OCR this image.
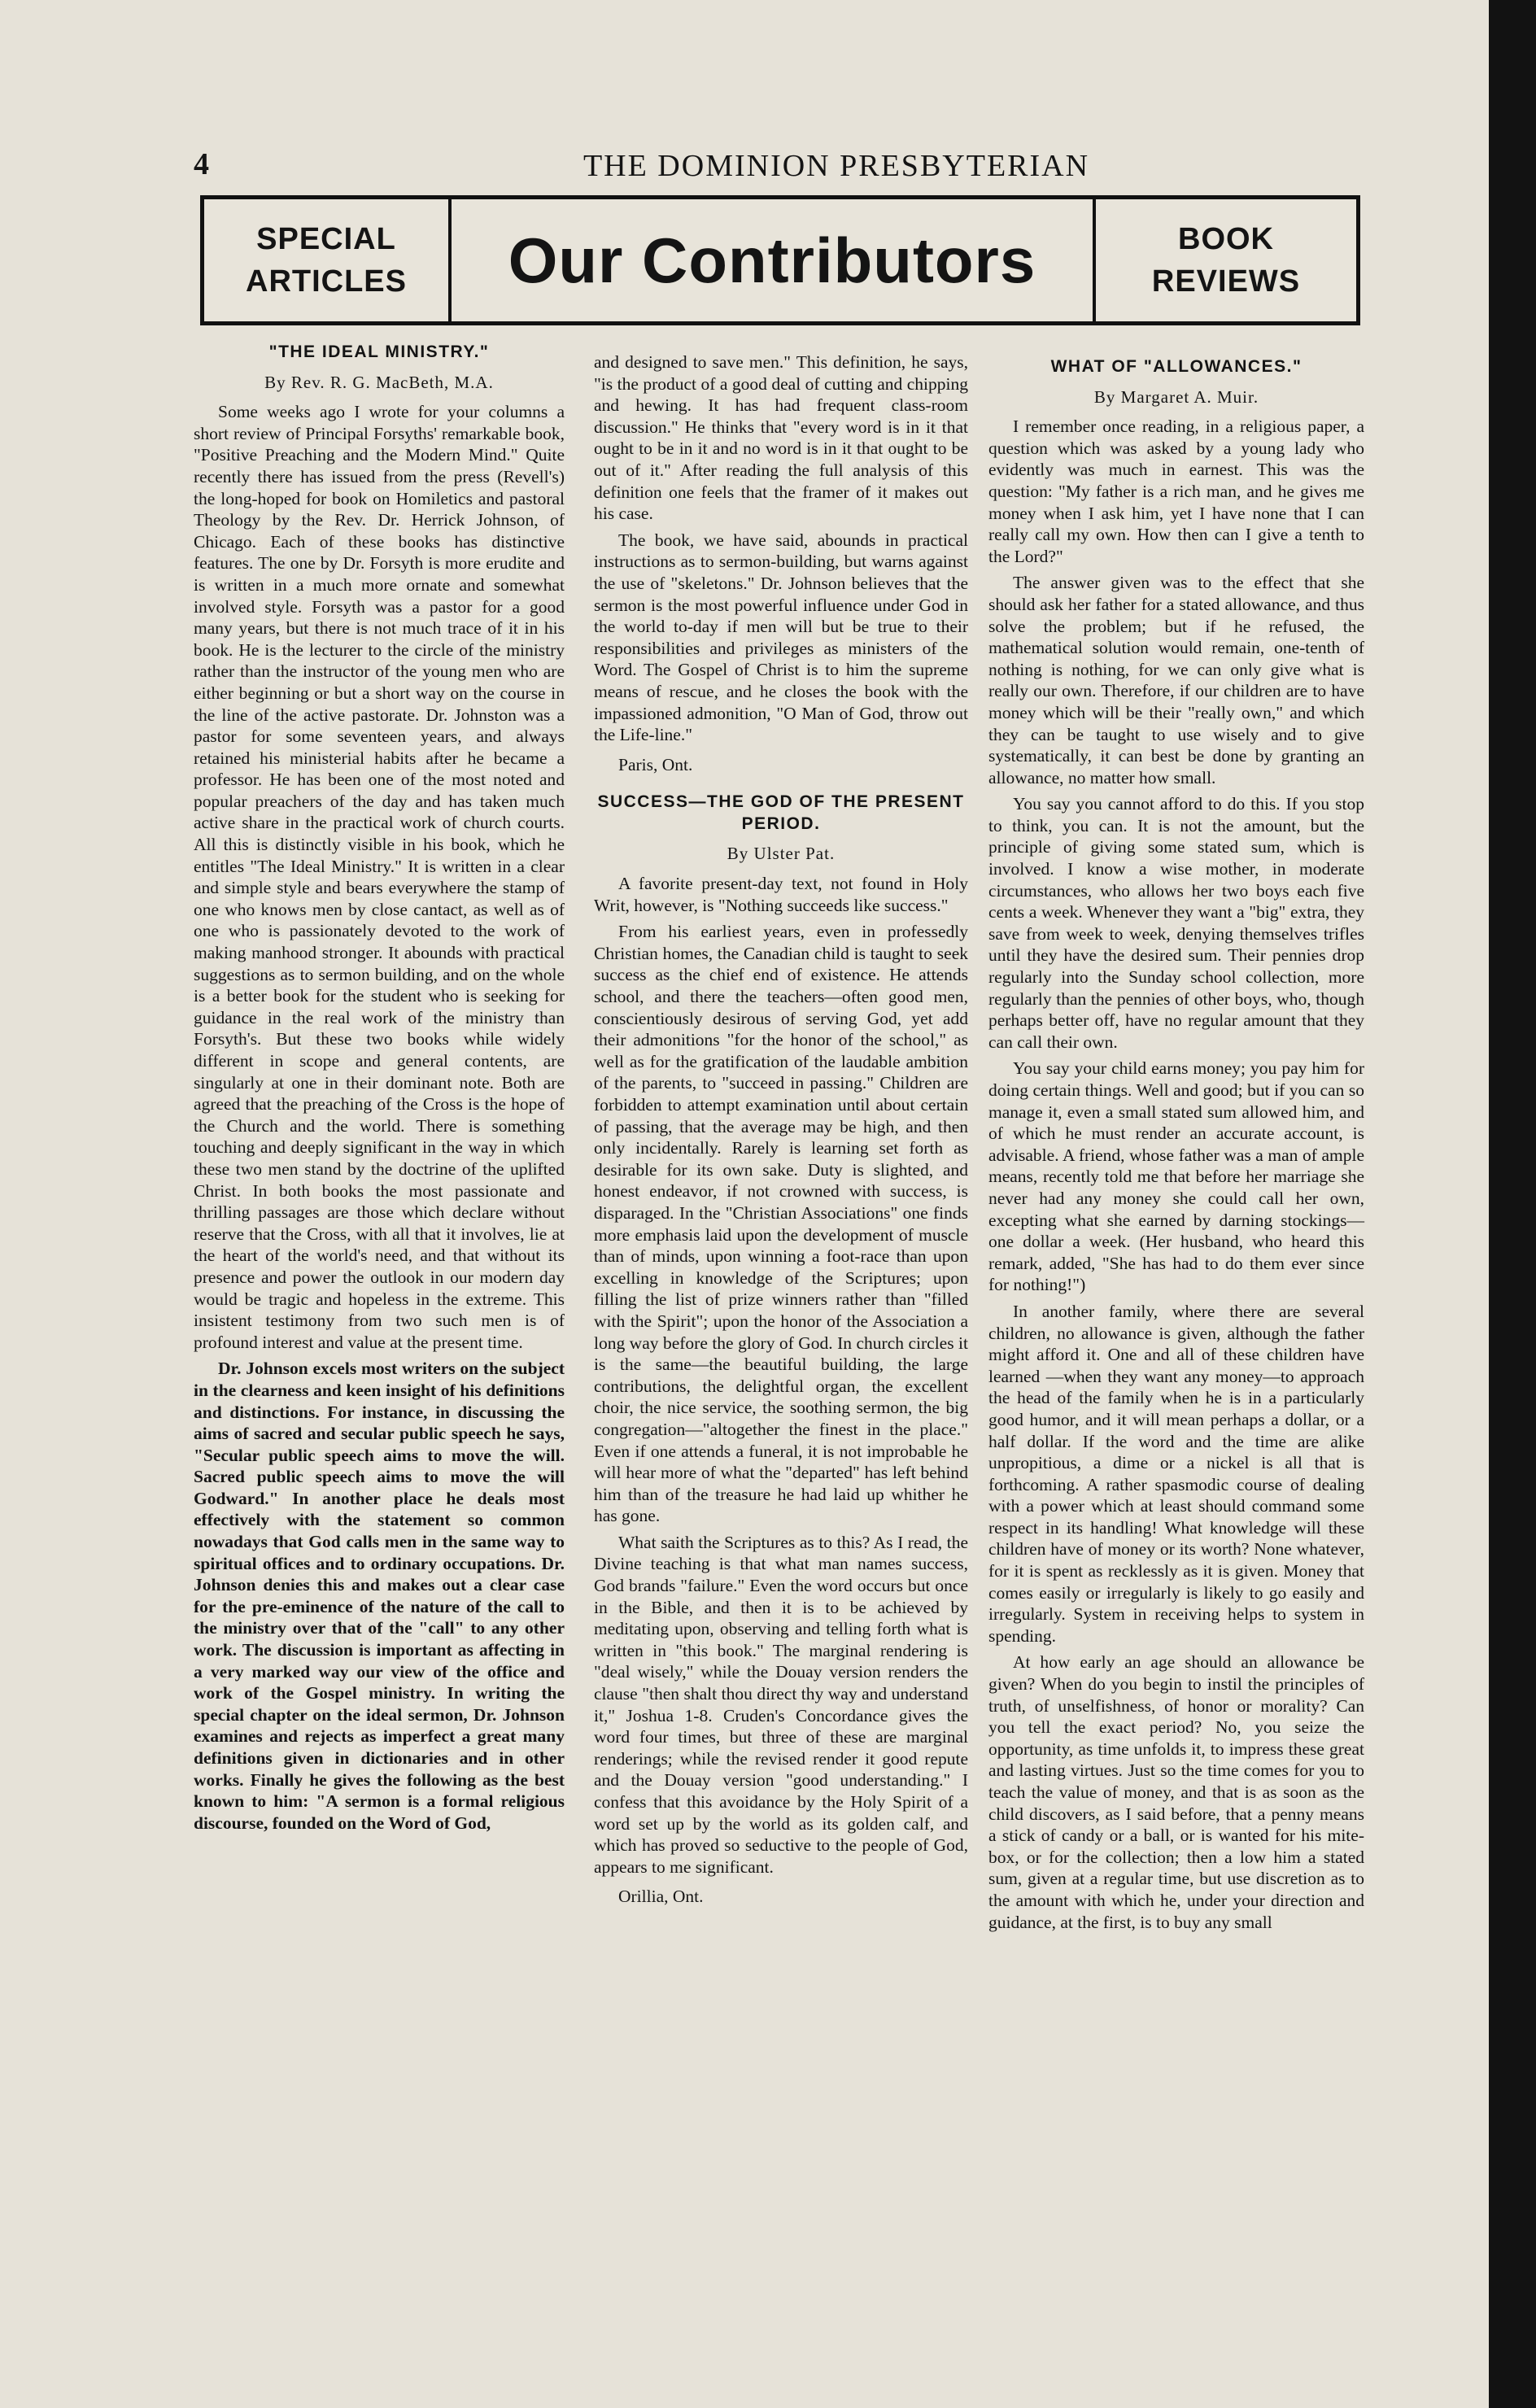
4	THE DOMINION PRESBYTERIAN
SPECIAL
ARTICLES	Our Contributors	BOOK
REVIEWS
"THE IDEAL MINISTRY."
By Rev. R. G. MacBeth, M.A.

Some weeks ago I wrote for your columns a short review of Principal Forsyths' remarkable book, "Positive Preaching and the Modern Mind." Quite recently there has issued from the press (Revell's) the long-hoped for book on Homiletics and pastoral Theology by the Rev. Dr. Herrick Johnson, of Chicago. Each of these books has distinctive features. The one by Dr. Forsyth is more erudite and is written in a much more ornate and somewhat involved style. Forsyth was a pastor for a good many years, but there is not much trace of it in his book. He is the lecturer to the circle of the ministry rather than the instructor of the young men who are either beginning or but a short way on the course in the line of the active pastorate. Dr. Johnston was a pastor for some seventeen years, and always retained his ministerial habits after he became a professor. He has been one of the most noted and popular preachers of the day and has taken much active share in the practical work of church courts. All this is distinctly visible in his book, which he entitles "The Ideal Ministry." It is written in a clear and simple style and bears everywhere the stamp of one who knows men by close cantact, as well as of one who is passionately devoted to the work of making manhood stronger. It abounds with practical suggestions as to sermon building, and on the whole is a better book for the student who is seeking for guidance in the real work of the ministry than Forsyth's. But these two books while widely different in scope and general contents, are singularly at one in their dominant note. Both are agreed that the preaching of the Cross is the hope of the Church and the world. There is something touching and deeply significant in the way in which these two men stand by the doctrine of the uplifted Christ. In both books the most passionate and thrilling passages are those which declare without reserve that the Cross, with all that it involves, lie at the heart of the world's need, and that without its presence and power the outlook in our modern day would be tragic and hopeless in the extreme. This insistent testimony from two such men is of profound interest and value at the present time.

Dr. Johnson excels most writers on the subject in the clearness and keen insight of his definitions and distinctions. For instance, in discussing the aims of sacred and secular public speech he says, "Secular public speech aims to move the will. Sacred public speech aims to move the will Godward." In another place he deals most effectively with the statement so common nowadays that God calls men in the same way to spiritual offices and to ordinary occupations. Dr. Johnson denies this and makes out a clear case for the pre-eminence of the nature of the call to the ministry over that of the "call" to any other work. The discussion is important as affecting in a very marked way our view of the office and work of the Gospel ministry. In writing the special chapter on the ideal sermon, Dr. Johnson examines and rejects as imperfect a great many definitions given in dictionaries and in other works. Finally he gives the following as the best known to him: "A sermon is a formal religious discourse, founded on the Word of God,

and designed to save men." This definition, he says, "is the product of a good deal of cutting and chipping and hewing. It has had frequent class-room discussion." He thinks that "every word is in it that ought to be in it and no word is in it that ought to be out of it." After reading the full analysis of this definition one feels that the framer of it makes out his case.

The book, we have said, abounds in practical instructions as to sermon-building, but warns against the use of "skeletons." Dr. Johnson believes that the sermon is the most powerful influence under God in the world to-day if men will but be true to their responsibilities and privileges as ministers of the Word. The Gospel of Christ is to him the supreme means of rescue, and he closes the book with the impassioned admonition, "O Man of God, throw out the Life-line."

Paris, Ont.
SUCCESS—THE GOD OF THE PRESENT PERIOD.
By Ulster Pat.

A favorite present-day text, not found in Holy Writ, however, is "Nothing succeeds like success."

From his earliest years, even in professedly Christian homes, the Canadian child is taught to seek success as the chief end of existence. He attends school, and there the teachers—often good men, conscientiously desirous of serving God, yet add their admonitions "for the honor of the school," as well as for the gratification of the laudable ambition of the parents, to "succeed in passing." Children are forbidden to attempt examination until about certain of passing, that the average may be high, and then only incidentally. Rarely is learning set forth as desirable for its own sake. Duty is slighted, and honest endeavor, if not crowned with success, is disparaged. In the "Christian Associations" one finds more emphasis laid upon the development of muscle than of minds, upon winning a foot-race than upon excelling in knowledge of the Scriptures; upon filling the list of prize winners rather than "filled with the Spirit"; upon the honor of the Association a long way before the glory of God. In church circles it is the same—the beautiful building, the large contributions, the delightful organ, the excellent choir, the nice service, the soothing sermon, the big congregation—"altogether the finest in the place." Even if one attends a funeral, it is not improbable he will hear more of what the "departed" has left behind him than of the treasure he had laid up whither he has gone.

What saith the Scriptures as to this? As I read, the Divine teaching is that what man names success, God brands "failure." Even the word occurs but once in the Bible, and then it is to be achieved by meditating upon, observing and telling forth what is written in "this book." The marginal rendering is "deal wisely," while the Douay version renders the clause "then shalt thou direct thy way and understand it," Joshua 1-8. Cruden's Concordance gives the word four times, but three of these are marginal renderings; while the revised render it good repute and the Douay version "good understanding." I confess that this avoidance by the Holy Spirit of a word set up by the world as its golden calf, and which has proved so seductive to the people of God, appears to me significant.

Orillia, Ont.
WHAT OF "ALLOWANCES."
By Margaret A. Muir.

I remember once reading, in a religious paper, a question which was asked by a young lady who evidently was much in earnest. This was the question: "My father is a rich man, and he gives me money when I ask him, yet I have none that I can really call my own. How then can I give a tenth to the Lord?"

The answer given was to the effect that she should ask her father for a stated allowance, and thus solve the problem; but if he refused, the mathematical solution would remain, one-tenth of nothing is nothing, for we can only give what is really our own. Therefore, if our children are to have money which will be their "really own," and which they can be taught to use wisely and to give systematically, it can best be done by granting an allowance, no matter how small.

You say you cannot afford to do this. If you stop to think, you can. It is not the amount, but the principle of giving some stated sum, which is involved. I know a wise mother, in moderate circumstances, who allows her two boys each five cents a week. Whenever they want a "big" extra, they save from week to week, denying themselves trifles until they have the desired sum. Their pennies drop regularly into the Sunday school collection, more regularly than the pennies of other boys, who, though perhaps better off, have no regular amount that they can call their own.

You say your child earns money; you pay him for doing certain things. Well and good; but if you can so manage it, even a small stated sum allowed him, and of which he must render an accurate account, is advisable. A friend, whose father was a man of ample means, recently told me that before her marriage she never had any money she could call her own, excepting what she earned by darning stockings—one dollar a week. (Her husband, who heard this remark, added, "She has had to do them ever since for nothing!")

In another family, where there are several children, no allowance is given, although the father might afford it. One and all of these children have learned —when they want any money—to approach the head of the family when he is in a particularly good humor, and it will mean perhaps a dollar, or a half dollar. If the word and the time are alike unpropitious, a dime or a nickel is all that is forthcoming. A rather spasmodic course of dealing with a power which at least should command some respect in its handling! What knowledge will these children have of money or its worth? None whatever, for it is spent as recklessly as it is given. Money that comes easily or irregularly is likely to go easily and irregularly. System in receiving helps to system in spending.

At how early an age should an allowance be given? When do you begin to instil the principles of truth, of unselfishness, of honor or morality? Can you tell the exact period? No, you seize the opportunity, as time unfolds it, to impress these great and lasting virtues. Just so the time comes for you to teach the value of money, and that is as soon as the child discovers, as I said before, that a penny means a stick of candy or a ball, or is wanted for his mite-box, or for the collection; then a low him a stated sum, given at a regular time, but use discretion as to the amount with which he, under your direction and guidance, at the first, is to buy any small
